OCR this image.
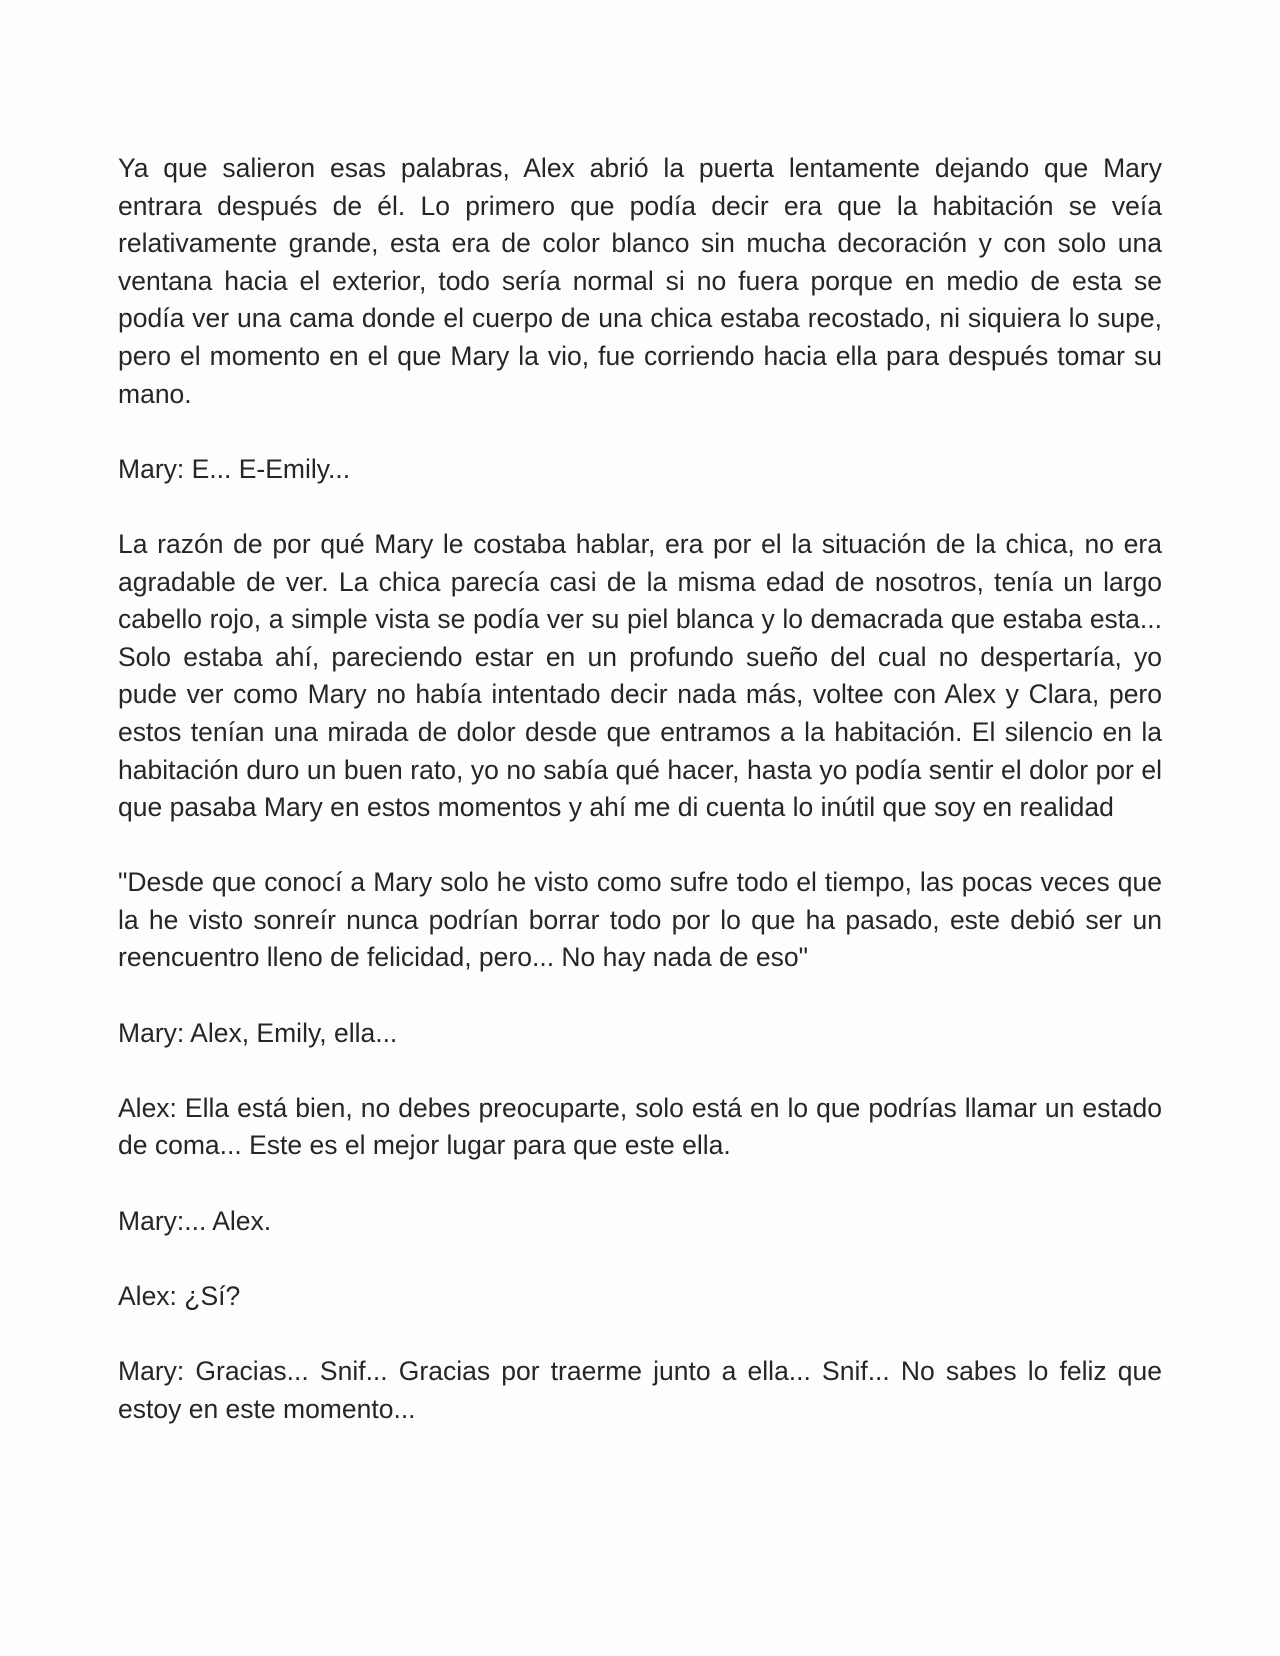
Ya que salieron esas palabras, Alex abrió la puerta lentamente dejando que Mary entrara después de él. Lo primero que podía decir era que la habitación se veía relativamente grande, esta era de color blanco sin mucha decoración y con solo una ventana hacia el exterior, todo sería normal si no fuera porque en medio de esta se podía ver una cama donde el cuerpo de una chica estaba recostado, ni siquiera lo supe, pero el momento en el que Mary la vio, fue corriendo hacia ella para después tomar su mano.

Mary: E... E-Emily...

La razón de por qué Mary le costaba hablar, era por el la situación de la chica, no era agradable de ver. La chica parecía casi de la misma edad de nosotros, tenía un largo cabello rojo, a simple vista se podía ver su piel blanca y lo demacrada que estaba esta... Solo estaba ahí, pareciendo estar en un profundo sueño del cual no despertaría, yo pude ver como Mary no había intentado decir nada más, voltee con Alex y Clara, pero estos tenían una mirada de dolor desde que entramos a la habitación. El silencio en la habitación duro un buen rato, yo no sabía qué hacer, hasta yo podía sentir el dolor por el que pasaba Mary en estos momentos y ahí me di cuenta lo inútil que soy en realidad

"Desde que conocí a Mary solo he visto como sufre todo el tiempo, las pocas veces que la he visto sonreír nunca podrían borrar todo por lo que ha pasado, este debió ser un reencuentro lleno de felicidad, pero... No hay nada de eso"

Mary: Alex, Emily, ella...

Alex: Ella está bien, no debes preocuparte, solo está en lo que podrías llamar un estado de coma... Este es el mejor lugar para que este ella.

Mary:... Alex.

Alex: ¿Sí?

Mary: Gracias... Snif... Gracias por traerme junto a ella... Snif... No sabes lo feliz que estoy en este momento...
